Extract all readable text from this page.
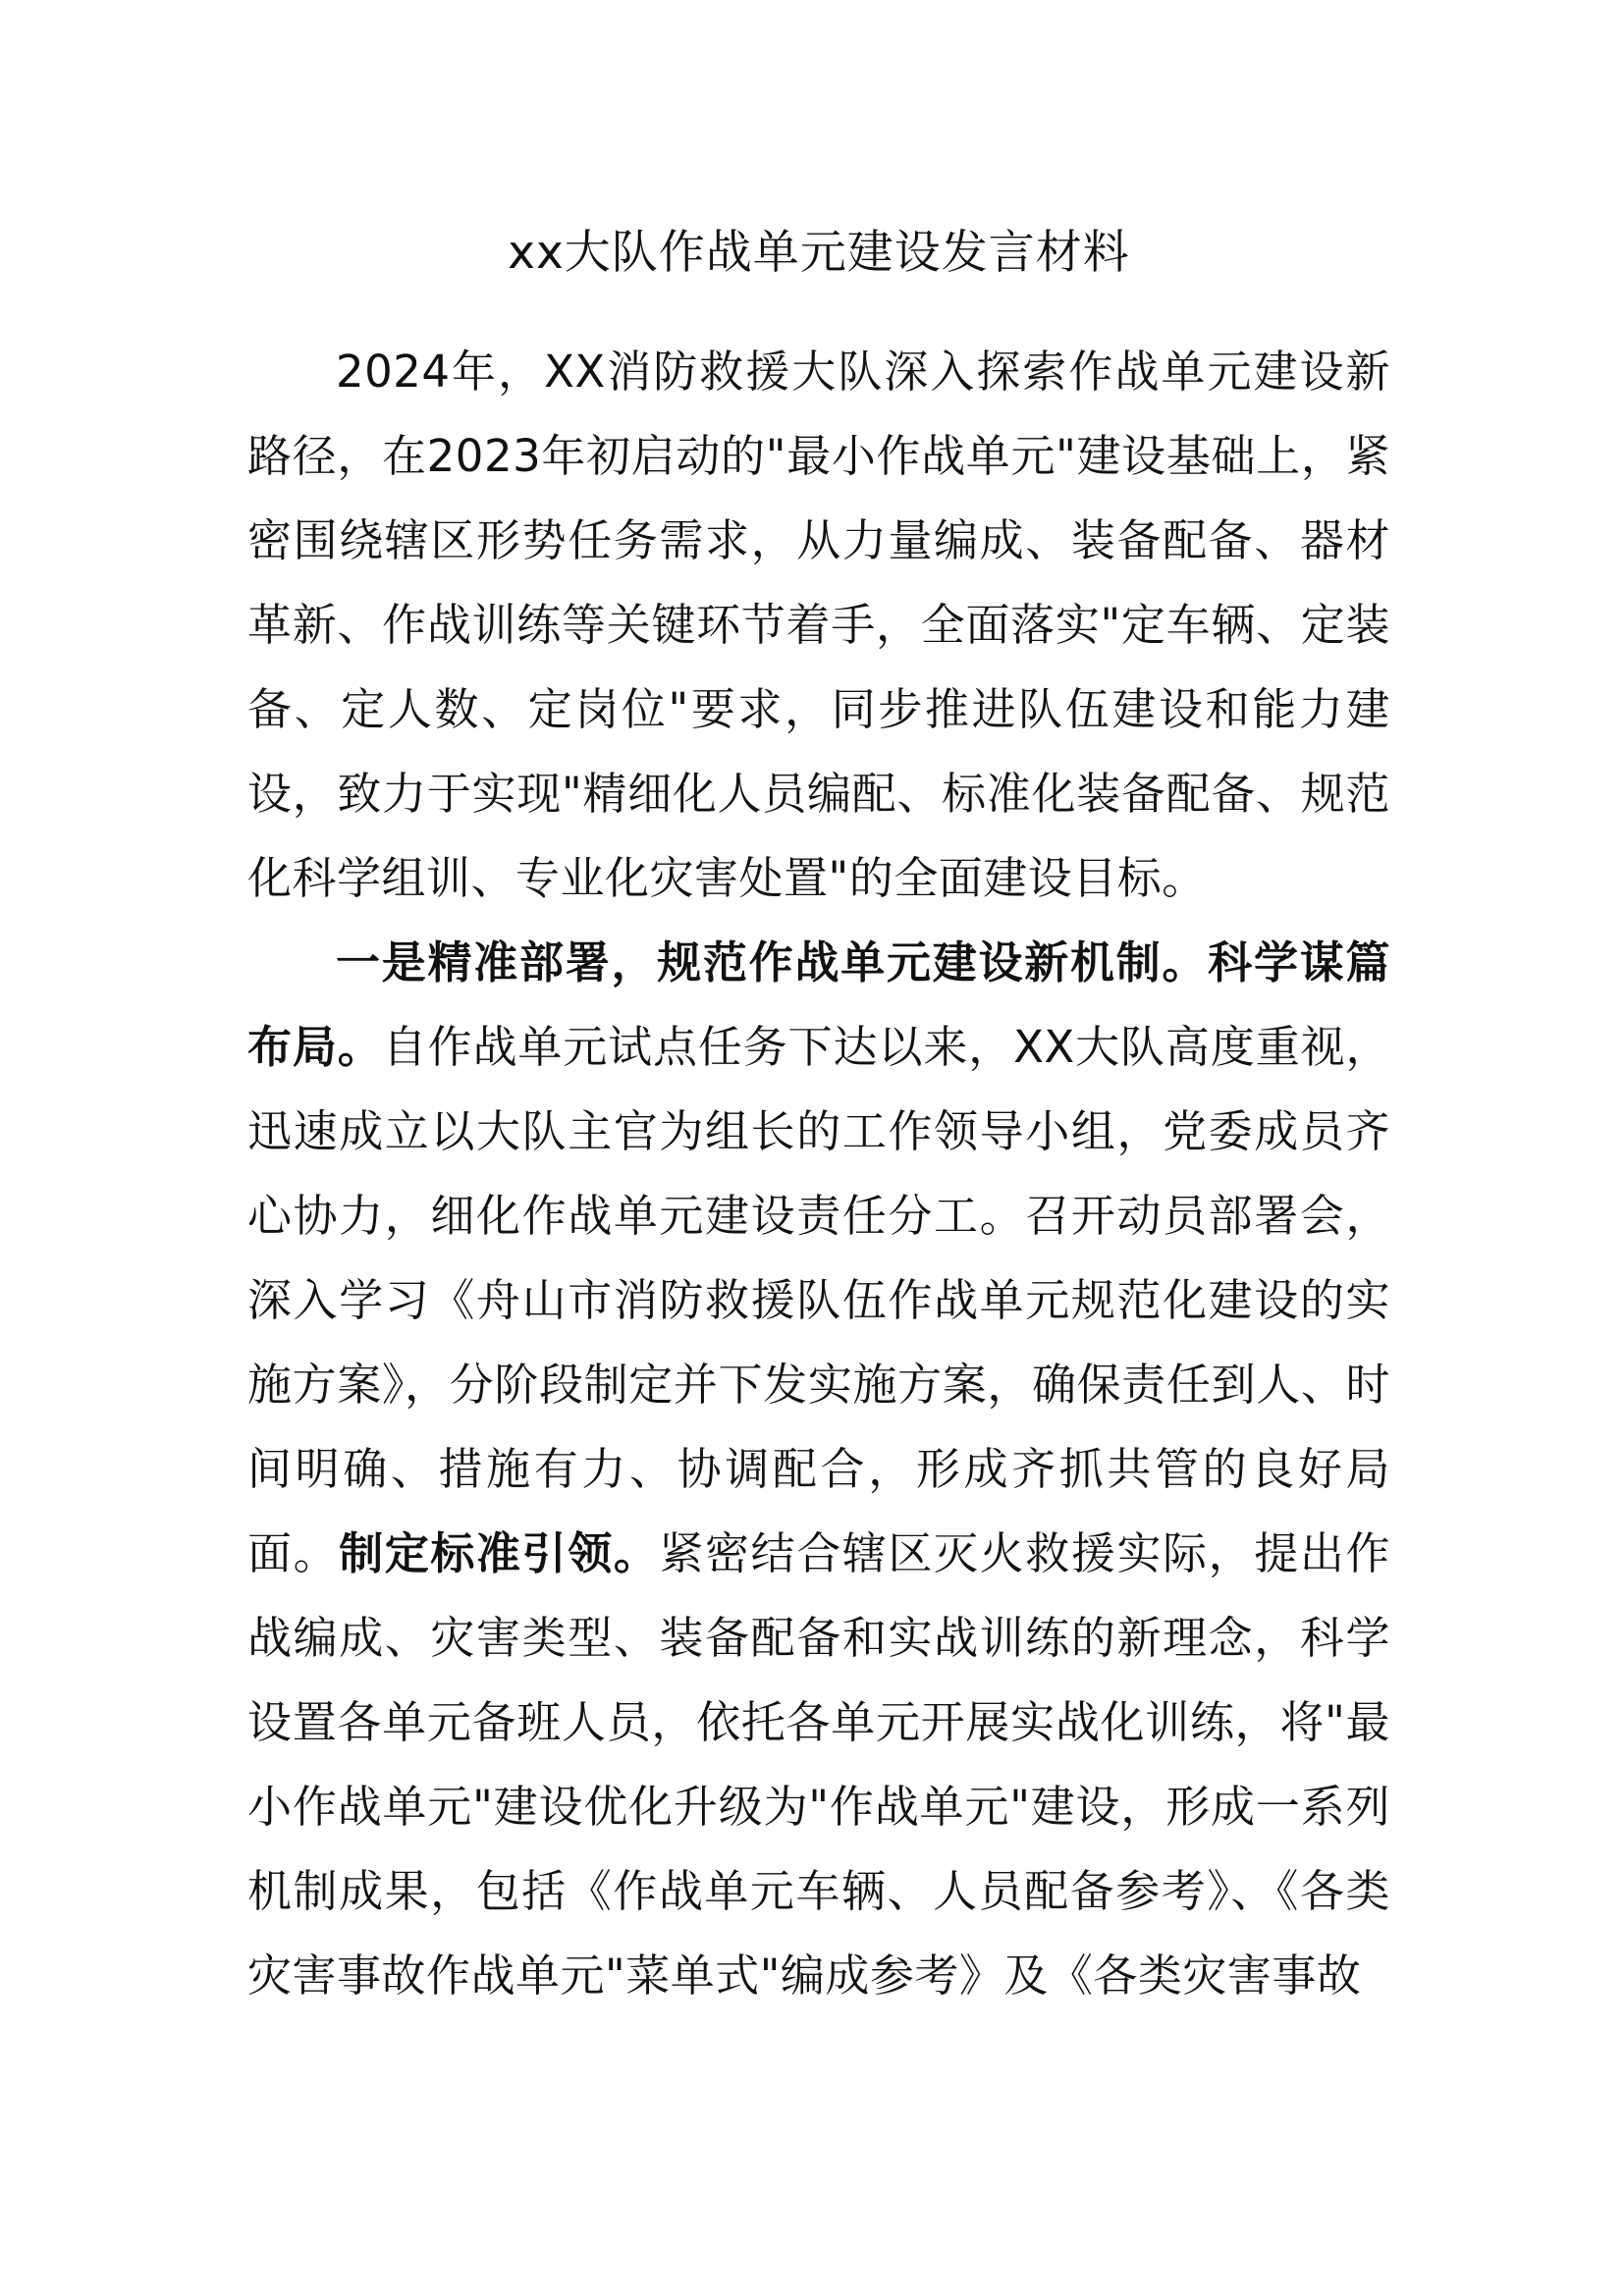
xx大队作战单元建设发言材料

2024年，XX消防救援大队深入探索作战单元建设新路径，在2023年初启动的"最小作战单元"建设基础上，紧密围绕辖区形势任务需求，从力量编成、装备配备、器材革新、作战训练等关键环节着手，全面落实"定车辆、定装备、定人数、定岗位"要求，同步推进队伍建设和能力建设，致力于实现"精细化人员编配、标准化装备配备、规范化科学组训、专业化灾害处置"的全面建设目标。

一是精准部署，规范作战单元建设新机制。科学谋篇布局。自作战单元试点任务下达以来，XX大队高度重视，迅速成立以大队主官为组长的工作领导小组，党委成员齐心协力，细化作战单元建设责任分工。召开动员部署会，深入学习《舟山市消防救援队伍作战单元规范化建设的实施方案》，分阶段制定并下发实施方案，确保责任到人、时间明确、措施有力、协调配合，形成齐抓共管的良好局面。制定标准引领。紧密结合辖区灭火救援实际，提出作战编成、灾害类型、装备配备和实战训练的新理念，科学设置各单元备班人员，依托各单元开展实战化训练，将"最小作战单元"建设优化升级为"作战单元"建设，形成一系列机制成果，包括《作战单元车辆、人员配备参考》、《各类灾害事故作战单元"菜单式"编成参考》及《各类灾害事故
